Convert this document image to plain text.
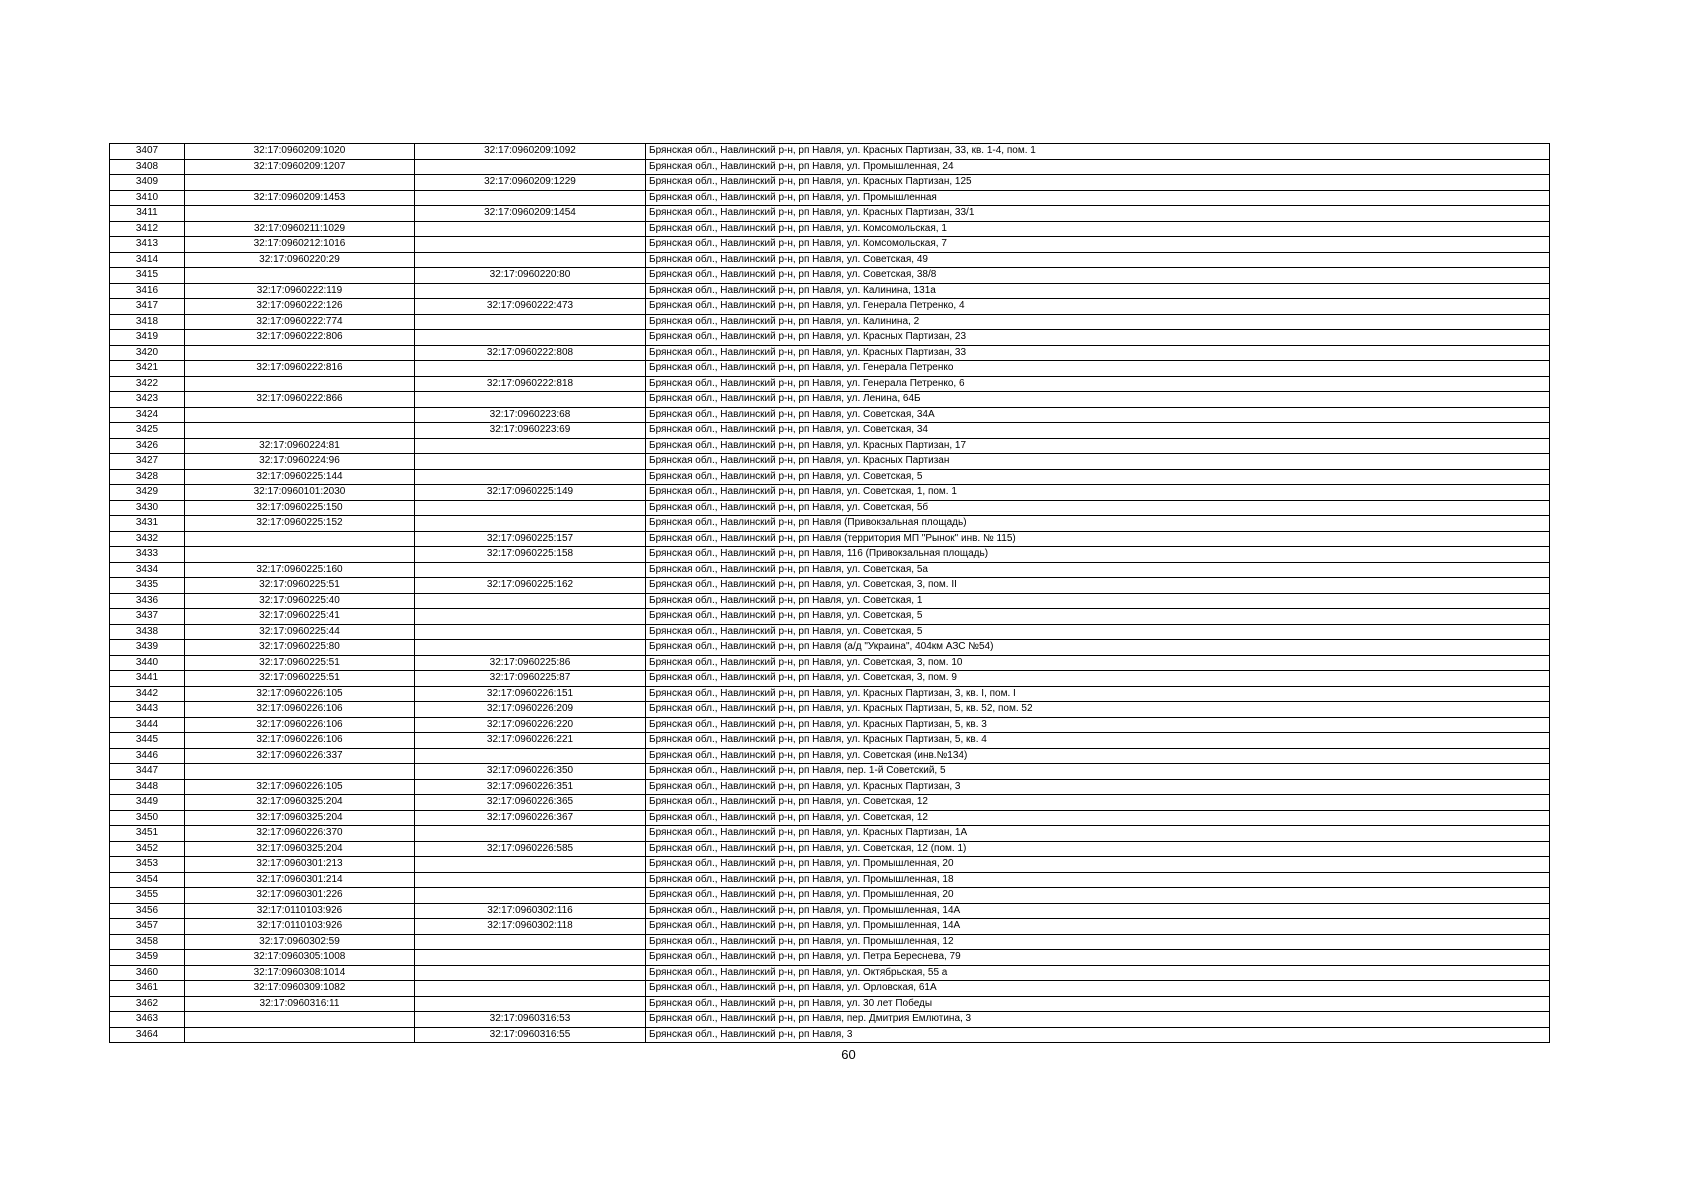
3407	32:17:0960209:1020	32:17:0960209:1092	Брянская обл., Навлинский р-н, рп Навля, ул. Красных Партизан, 33, кв. 1-4, пом. 1
3408	32:17:0960209:1207		Брянская обл., Навлинский р-н, рп Навля, ул. Промышленная, 24
3409		32:17:0960209:1229	Брянская обл., Навлинский р-н, рп Навля, ул. Красных Партизан, 125
3410	32:17:0960209:1453		Брянская обл., Навлинский р-н, рп Навля, ул. Промышленная
3411		32:17:0960209:1454	Брянская обл., Навлинский р-н, рп Навля, ул. Красных Партизан, 33/1
3412	32:17:0960211:1029		Брянская обл., Навлинский р-н, рп Навля, ул. Комсомольская, 1
3413	32:17:0960212:1016		Брянская обл., Навлинский р-н, рп Навля, ул. Комсомольская, 7
3414	32:17:0960220:29		Брянская обл., Навлинский р-н, рп Навля, ул. Советская, 49
3415		32:17:0960220:80	Брянская обл., Навлинский р-н, рп Навля, ул. Советская, 38/8
3416	32:17:0960222:119		Брянская обл., Навлинский р-н, рп Навля, ул. Калинина, 131а
3417	32:17:0960222:126	32:17:0960222:473	Брянская обл., Навлинский р-н, рп Навля, ул. Генерала Петренко, 4
3418	32:17:0960222:774		Брянская обл., Навлинский р-н, рп Навля, ул. Калинина, 2
3419	32:17:0960222:806		Брянская обл., Навлинский р-н, рп Навля, ул. Красных Партизан, 23
3420		32:17:0960222:808	Брянская обл., Навлинский р-н, рп Навля, ул. Красных Партизан, 33
3421	32:17:0960222:816		Брянская обл., Навлинский р-н, рп Навля, ул. Генерала Петренко
3422		32:17:0960222:818	Брянская обл., Навлинский р-н, рп Навля, ул. Генерала Петренко, 6
3423	32:17:0960222:866		Брянская обл., Навлинский р-н, рп Навля, ул. Ленина, 64Б
3424		32:17:0960223:68	Брянская обл., Навлинский р-н, рп Навля, ул. Советская, 34А
3425		32:17:0960223:69	Брянская обл., Навлинский р-н, рп Навля, ул. Советская, 34
3426	32:17:0960224:81		Брянская обл., Навлинский р-н, рп Навля, ул. Красных Партизан, 17
3427	32:17:0960224:96		Брянская обл., Навлинский р-н, рп Навля, ул. Красных Партизан
3428	32:17:0960225:144		Брянская обл., Навлинский р-н, рп Навля, ул. Советская, 5
3429	32:17:0960101:2030	32:17:0960225:149	Брянская обл., Навлинский р-н, рп Навля, ул. Советская, 1, пом. 1
3430	32:17:0960225:150		Брянская обл., Навлинский р-н, рп Навля, ул. Советская, 5б
3431	32:17:0960225:152		Брянская обл., Навлинский р-н, рп Навля (Привокзальная площадь)
3432		32:17:0960225:157	Брянская обл., Навлинский р-н, рп Навля (территория МП "Рынок" инв. № 115)
3433		32:17:0960225:158	Брянская обл., Навлинский р-н, рп Навля, 116 (Привокзальная площадь)
3434	32:17:0960225:160		Брянская обл., Навлинский р-н, рп Навля, ул. Советская, 5а
3435	32:17:0960225:51	32:17:0960225:162	Брянская обл., Навлинский р-н, рп Навля, ул. Советская, 3, пом. II
3436	32:17:0960225:40		Брянская обл., Навлинский р-н, рп Навля, ул. Советская, 1
3437	32:17:0960225:41		Брянская обл., Навлинский р-н, рп Навля, ул. Советская, 5
3438	32:17:0960225:44		Брянская обл., Навлинский р-н, рп Навля, ул. Советская, 5
3439	32:17:0960225:80		Брянская обл., Навлинский р-н, рп Навля (а/д "Украина", 404км АЗС №54)
3440	32:17:0960225:51	32:17:0960225:86	Брянская обл., Навлинский р-н, рп Навля, ул. Советская, 3, пом. 10
3441	32:17:0960225:51	32:17:0960225:87	Брянская обл., Навлинский р-н, рп Навля, ул. Советская, 3, пом. 9
3442	32:17:0960226:105	32:17:0960226:151	Брянская обл., Навлинский р-н, рп Навля, ул. Красных Партизан, 3, кв. I, пом. I
3443	32:17:0960226:106	32:17:0960226:209	Брянская обл., Навлинский р-н, рп Навля, ул. Красных Партизан, 5, кв. 52, пом. 52
3444	32:17:0960226:106	32:17:0960226:220	Брянская обл., Навлинский р-н, рп Навля, ул. Красных Партизан, 5, кв. 3
3445	32:17:0960226:106	32:17:0960226:221	Брянская обл., Навлинский р-н, рп Навля, ул. Красных Партизан, 5, кв. 4
3446	32:17:0960226:337		Брянская обл., Навлинский р-н, рп Навля, ул. Советская (инв.№134)
3447		32:17:0960226:350	Брянская обл., Навлинский р-н, рп Навля, пер. 1-й Советский, 5
3448	32:17:0960226:105	32:17:0960226:351	Брянская обл., Навлинский р-н, рп Навля, ул. Красных Партизан, 3
3449	32:17:0960325:204	32:17:0960226:365	Брянская обл., Навлинский р-н, рп Навля, ул. Советская, 12
3450	32:17:0960325:204	32:17:0960226:367	Брянская обл., Навлинский р-н, рп Навля, ул. Советская, 12
3451	32:17:0960226:370		Брянская обл., Навлинский р-н, рп Навля, ул. Красных Партизан, 1А
3452	32:17:0960325:204	32:17:0960226:585	Брянская обл., Навлинский р-н, рп Навля, ул. Советская, 12 (пом. 1)
3453	32:17:0960301:213		Брянская обл., Навлинский р-н, рп Навля, ул. Промышленная, 20
3454	32:17:0960301:214		Брянская обл., Навлинский р-н, рп Навля, ул. Промышленная, 18
3455	32:17:0960301:226		Брянская обл., Навлинский р-н, рп Навля, ул. Промышленная, 20
3456	32:17:0110103:926	32:17:0960302:116	Брянская обл., Навлинский р-н, рп Навля, ул. Промышленная, 14А
3457	32:17:0110103:926	32:17:0960302:118	Брянская обл., Навлинский р-н, рп Навля, ул. Промышленная, 14А
3458	32:17:0960302:59		Брянская обл., Навлинский р-н, рп Навля, ул. Промышленная, 12
3459	32:17:0960305:1008		Брянская обл., Навлинский р-н, рп Навля, ул. Петра Береснева, 79
3460	32:17:0960308:1014		Брянская обл., Навлинский р-н, рп Навля, ул. Октябрьская, 55 а
3461	32:17:0960309:1082		Брянская обл., Навлинский р-н, рп Навля, ул. Орловская, 61А
3462	32:17:0960316:11		Брянская обл., Навлинский р-н, рп Навля, ул. 30 лет Победы
3463		32:17:0960316:53	Брянская обл., Навлинский р-н, рп Навля, пер. Дмитрия Емлютина, 3
3464		32:17:0960316:55	Брянская обл., Навлинский р-н, рп Навля, 3
60
